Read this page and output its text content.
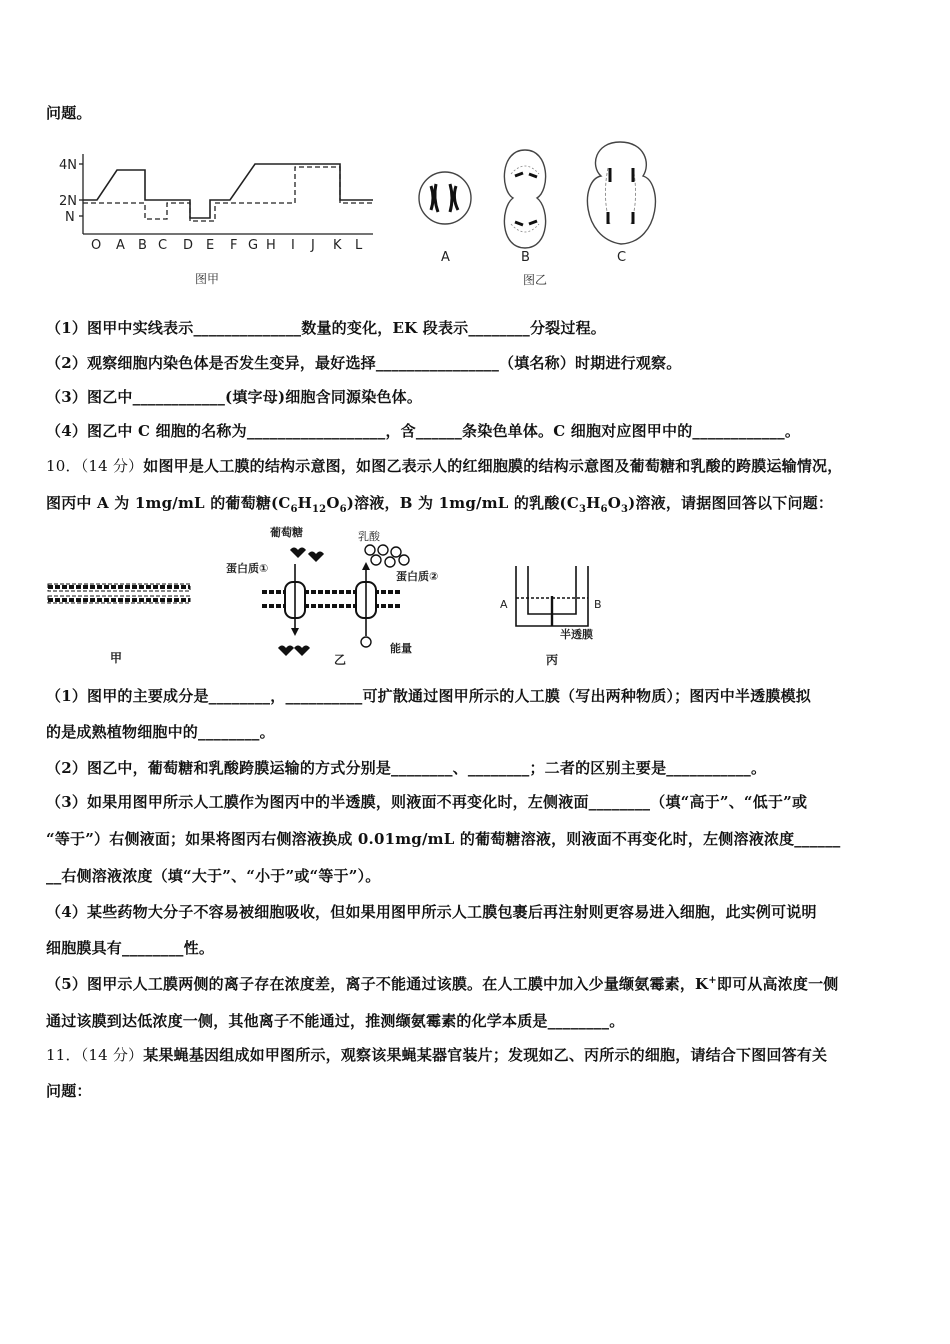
问题。
4N
2N
N
O A B C D E F G H I J K L
图甲
A	B	C
图乙
（1）图甲中实线表示______________数量的变化，EK 段表示________分裂过程。
（2）观察细胞内染色体是否发生变异，最好选择________________（填名称）时期进行观察。
（3）图乙中____________(填字母)细胞含同源染色体。
（4）图乙中 C 细胞的名称为__________________，含______条染色单体。C 细胞对应图甲中的____________。
10．（14 分）如图甲是人工膜的结构示意图，如图乙表示人的红细胞膜的结构示意图及葡萄糖和乳酸的跨膜运输情况，
图丙中 A 为 1mg/mL 的葡萄糖$(C_6H_{12}O_6)$溶液，B 为 1mg/mL 的乳酸$(C_3H_6O_3)$溶液，请据图回答以下问题：
甲
葡萄糖	乳酸
蛋白质①
蛋白质②
能量
乙
A	B
半透膜
丙
（1）图甲的主要成分是________，__________可扩散通过图甲所示的人工膜（写出两种物质）；图丙中半透膜模拟
的是成熟植物细胞中的________。
（2）图乙中，葡萄糖和乳酸跨膜运输的方式分别是________、________；二者的区别主要是___________。
（3）如果用图甲所示人工膜作为图丙中的半透膜，则液面不再变化时，左侧液面________（填“高于”、“低于”或
“等于”）右侧液面；如果将图丙右侧溶液换成 0.01mg/mL 的葡萄糖溶液，则液面不再变化时，左侧溶液浓度______
__右侧溶液浓度（填“大于”、“小于”或“等于”）。
（4）某些药物大分子不容易被细胞吸收，但如果用图甲所示人工膜包裹后再注射则更容易进入细胞，此实例可说明
细胞膜具有________性。
（5）图甲示人工膜两侧的离子存在浓度差，离子不能通过该膜。在人工膜中加入少量缬氨霉素，K+即可从高浓度一侧
通过该膜到达低浓度一侧，其他离子不能通过，推测缬氨霉素的化学本质是________。
11．（14 分）某果蝇基因组成如甲图所示，观察该果蝇某器官装片；发现如乙、丙所示的细胞，请结合下图回答有关
问题：
